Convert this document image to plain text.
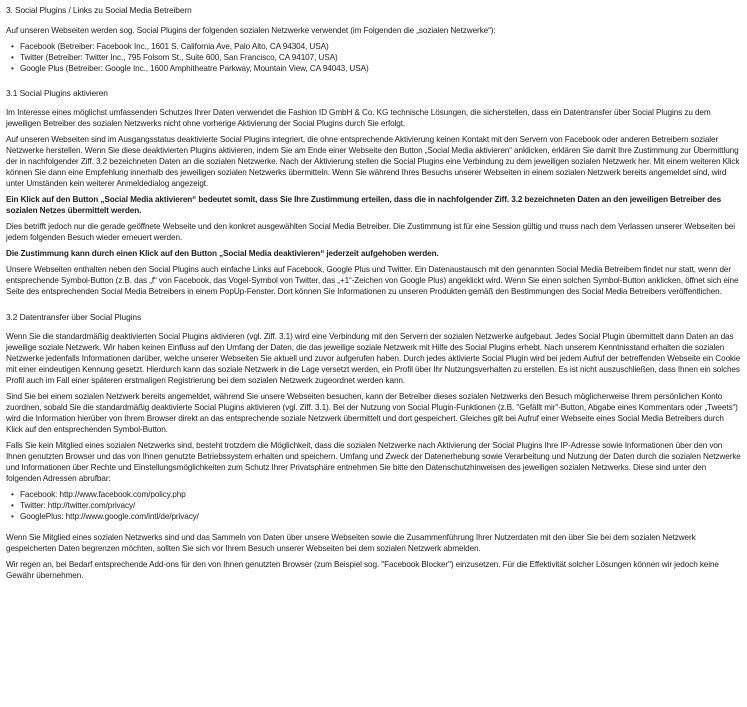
3. Social Plugins / Links zu Social Media Betreibern

Auf unseren Webseiten werden sog. Social Plugins der folgenden sozialen Netzwerke verwendet (im Folgenden die „sozialen Netzwerke“):

• Facebook (Betreiber: Facebook Inc., 1601 S. California Ave, Palo Alto, CA 94304, USA)
• Twitter (Betreiber: Twitter Inc., 795 Folsom St., Suite 600, San Francisco, CA 94107, USA)
• Google Plus (Betreiber: Google Inc., 1600 Amphitheatre Parkway, Mountain View, CA 94043, USA)
3.1 Social Plugins aktivieren

Im Interesse eines möglichst umfassenden Schutzes Ihrer Daten verwendet die Fashion ID GmbH & Co. KG technische Lösungen, die sicherstellen, dass ein Datentransfer über Social Plugins zu dem jeweiligen Betreiber des sozialen Netzwerks nicht ohne vorherige Aktivierung der Social Plugins durch Sie erfolgt.

Auf unseren Webseiten sind im Ausgangsstatus deaktivierte Social Plugins integriert, die ohne entsprechende Aktivierung keinen Kontakt mit den Servern von Facebook oder anderen Betreibern sozialer Netzwerke herstellen. Wenn Sie diese deaktivierten Plugins aktivieren, indem Sie am Ende einer Webseite den Button „Social Media aktivieren“ anklicken, erklären Sie damit Ihre Zustimmung zur Übermittlung der in nachfolgender Ziff. 3.2 bezeichneten Daten an die sozialen Netzwerke. Nach der Aktivierung stellen die Social Plugins eine Verbindung zu dem jeweiligen sozialen Netzwerk her. Mit einem weiteren Klick können Sie dann eine Empfehlung innerhalb des jeweiligen sozialen Netzwerks übermitteln. Wenn Sie während Ihres Besuchs unserer Webseiten in einem sozialen Netzwerk bereits angemeldet sind, wird unter Umständen kein weiterer Anmeldedialog angezeigt.

Ein Klick auf den Button „Social Media aktivieren“ bedeutet somit, dass Sie Ihre Zustimmung erteilen, dass die in nachfolgender Ziff. 3.2 bezeichneten Daten an den jeweiligen Betreiber des sozialen Netzes übermittelt werden.

Dies betrifft jedoch nur die gerade geöffnete Webseite und den konkret ausgewählten Social Media Betreiber. Die Zustimmung ist für eine Session gültig und muss nach dem Verlassen unserer Webseiten bei jedem folgenden Besuch wieder erneuert werden.

Die Zustimmung kann durch einen Klick auf den Button „Social Media deaktivieren“ jederzeit aufgehoben werden.

Unsere Webseiten enthalten neben den Social Plugins auch einfache Links auf Facebook, Google Plus und Twitter. Ein Datenaustausch mit den genannten Social Media Betreibern findet nur statt, wenn der entsprechende Symbol-Button (z.B. das „f“ von Facebook, das Vogel-Symbol von Twitter, das „+1“-Zeichen von Google Plus) angeklickt wird. Wenn Sie einen solchen Symbol-Button anklicken, öffnet sich eine Seite des entsprechenden Social Media Betreibers in einem PopUp-Fenster. Dort können Sie Informationen zu unseren Produkten gemäß den Bestimmungen des Social Media Betreibers veröffentlichen.

3.2 Datentransfer über Social Plugins

Wenn Sie die standardmäßig deaktivierten Social Plugins aktivieren (vgl. Ziff. 3.1) wird eine Verbindung mit den Servern der sozialen Netzwerke aufgebaut. Jedes Social Plugin übermittelt dann Daten an das jeweilige soziale Netzwerk. Wir haben keinen Einfluss auf den Umfang der Daten, die das jeweilige soziale Netzwerk mit Hilfe des Social Plugins erhebt. Nach unserem Kenntnisstand erhalten die sozialen Netzwerke jedenfalls Informationen darüber, welche unserer Webseiten Sie aktuell und zuvor aufgerufen haben. Durch jedes aktivierte Social Plugin wird bei jedem Aufruf der betreffenden Webseite ein Cookie mit einer eindeutigen Kennung gesetzt. Hierdurch kann das soziale Netzwerk in die Lage versetzt werden, ein Profil über Ihr Nutzungsverhalten zu erstellen. Es ist nicht auszuschließen, dass Ihnen ein solches Profil auch im Fall einer späteren erstmaligen Registrierung bei dem sozialen Netzwerk zugeordnet werden kann.

Sind Sie bei einem sozialen Netzwerk bereits angemeldet, während Sie unsere Webseiten besuchen, kann der Betreiber dieses sozialen Netzwerks den Besuch möglicherweise Ihrem persönlichen Konto zuordnen, sobald Sie die standardmäßig deaktivierte Social Plugins aktivieren (vgl. Ziff. 3.1). Bei der Nutzung von Social Plugin-Funktionen (z.B. "Gefällt mir"-Button, Abgabe eines Kommentars oder „Tweets“) wird die Information hierüber von Ihrem Browser direkt an das entsprechende soziale Netzwerk übermittelt und dort gespeichert. Gleiches gilt bei Aufruf einer Webseite eines Social Media Betreibers durch Klick auf den entsprechenden Symbol-Button.

Falls Sie kein Mitglied eines sozialen Netzwerks sind, besteht trotzdem die Möglichkeit, dass die sozialen Netzwerke nach Aktivierung der Social Plugins Ihre IP-Adresse sowie Informationen über den von Ihnen genutzten Browser und das von Ihnen genutzte Betriebssystem erhalten und speichern. Umfang und Zweck der Datenerhebung sowie Verarbeitung und Nutzung der Daten durch die sozialen Netzwerke und Informationen über Rechte und Einstellungsmöglichkeiten zum Schutz Ihrer Privatsphäre entnehmen Sie bitte den Datenschutzhinweisen des jeweiligen sozialen Netzwerks. Diese sind unter den folgenden Adressen abrufbar:

• Facebook: http://www.facebook.com/policy.php
• Twitter: http://twitter.com/privacy/
• GooglePlus: http://www.google.com/intl/de/privacy/

Wenn Sie Mitglied eines sozialen Netzwerks sind und das Sammeln von Daten über unsere Webseiten sowie die Zusammenführung Ihrer Nutzerdaten mit den über Sie bei dem sozialen Netzwerk gespeicherten Daten begrenzen möchten, sollten Sie sich vor Ihrem Besuch unserer Webseiten bei dem sozialen Netzwerk abmelden.

Wir regen an, bei Bedarf entsprechende Add-ons für den von Ihnen genutzten Browser (zum Beispiel sog. "Facebook Blocker") einzusetzen. Für die Effektivität solcher Lösungen können wir jedoch keine Gewähr übernehmen.
